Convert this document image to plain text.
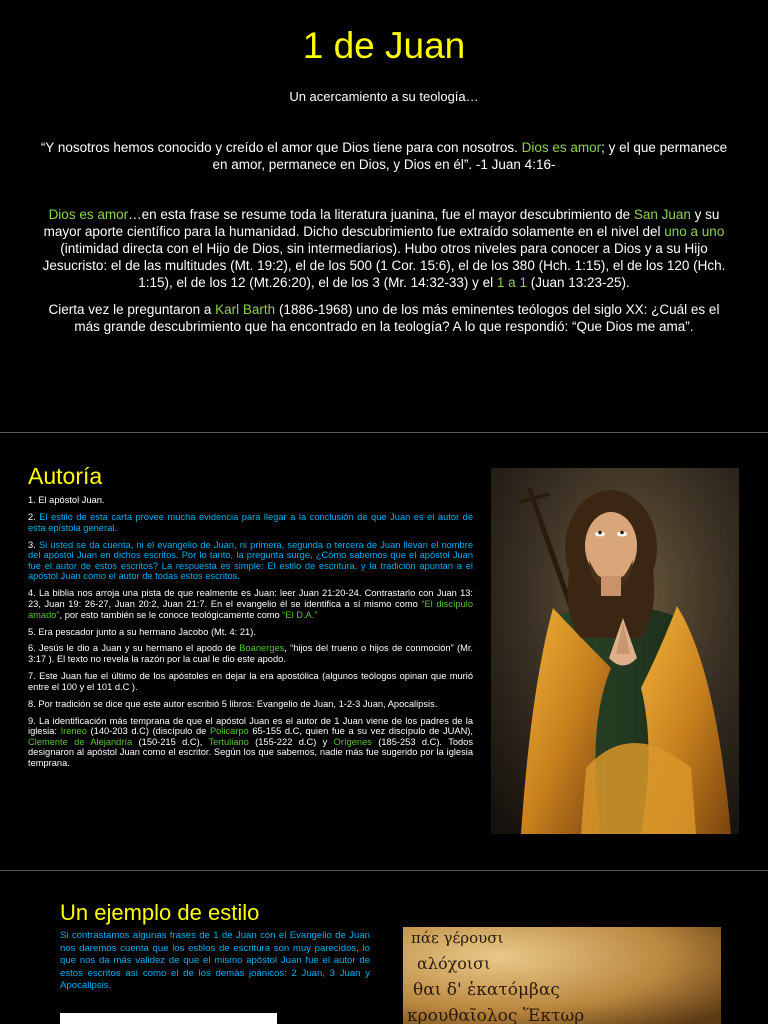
1 de Juan
Un acercamiento a su teología…
“Y nosotros hemos conocido y creído el amor que Dios tiene para con nosotros. Dios es amor; y el que permanece en amor, permanece en Dios, y Dios en él”. -1 Juan 4:16-
Dios es amor…en esta frase se resume toda la literatura juanina, fue el mayor descubrimiento de San Juan y su mayor aporte científico para la humanidad. Dicho descubrimiento fue extraído solamente en el nivel del uno a uno (intimidad directa con el Hijo de Dios, sin intermediarios). Hubo otros niveles para conocer a Dios y a su Hijo Jesucristo: el de las multitudes (Mt. 19:2), el de los 500 (1 Cor. 15:6), el de los 380 (Hch. 1:15), el de los 120 (Hch. 1:15), el de los 12 (Mt.26:20), el de los 3 (Mr. 14:32-33) y el 1 a 1 (Juan 13:23-25).
Cierta vez le preguntaron a Karl Barth (1886-1968) uno de los más eminentes teólogos del siglo XX: ¿Cuál es el más grande descubrimiento que ha encontrado en la teología? A lo que respondió: “Que Dios me ama”.
Autoría
1. El apóstol Juan.
2. El estilo de esta carta provee mucha evidencia para llegar a la conclusión de que Juan es el autor de esta epístola general.
3. Si usted se da cuenta, ni el evangelio de Juan, ni primera, segunda o tercera de Juan llevan el nombre del apóstol Juan en dichos escritos. Por lo tanto, la pregunta surge, ¿Cómo sabemos que el apóstol Juan fue el autor de estos escritos? La respuesta es simple: El estilo de escritura, y la tradición apuntan a el apóstol Juan como el autor de todas estos escritos.
4. La biblia nos arroja una pista de que realmente es Juan: leer Juan 21:20-24. Contrastarlo con Juan 13: 23, Juan 19: 26-27, Juan 20:2, Juan 21:7. En el evangelio él se identifica a sí mismo como “El discípulo amado”, por esto también se le conoce teológicamente como “El D.A.”
5. Era pescador junto a su hermano Jacobo (Mt. 4: 21).
6. Jesús le dio a Juan y su hermano el apodo de Boanerges, “hijos del trueno o hijos de conmoción” (Mr. 3:17 ). El texto no revela la razón por la cual le dio este apodo.
7. Este Juan fue el último de los apóstoles en dejar la era apostólica (algunos teólogos opinan que murió entre el 100 y el 101 d.C ).
8. Por tradición se dice que este autor escribió 5 libros: Evangelio de Juan, 1-2-3 Juan, Apocalipsis.
9. La identificación más temprana de que el apóstol Juan es el autor de 1 Juan viene de los padres de la iglesia: Ireneo (140-203 d.C) (discípulo de Policarpo 65-155 d.C, quien fue a su vez discípulo de JUAN), Clemente de Alejandría (150-215 d.C), Tertuliano (155-222 d.C) y Orígenes (185-253 d.C). Todos designaron al apóstol Juan como el escritor. Según los que sabemos, nadie más fue sugerido por la iglesia temprana.
Un ejemplo de estilo
Si contrastamos algunas frases de 1 de Juan con el Evangelio de Juan nos daremos cuenta que los estilos de escritura son muy parecidos, lo que nos da más validez de que el mismo apóstol Juan fue el autor de estos escritos así como el de los demás joánicos: 2 Juan, 3 Juan y Apocalipsis.
πάε γέρουσι
αλόχοισι
θαι δ' ἑκατόμβας
κρουθαῖολος Ἕκτωρ
